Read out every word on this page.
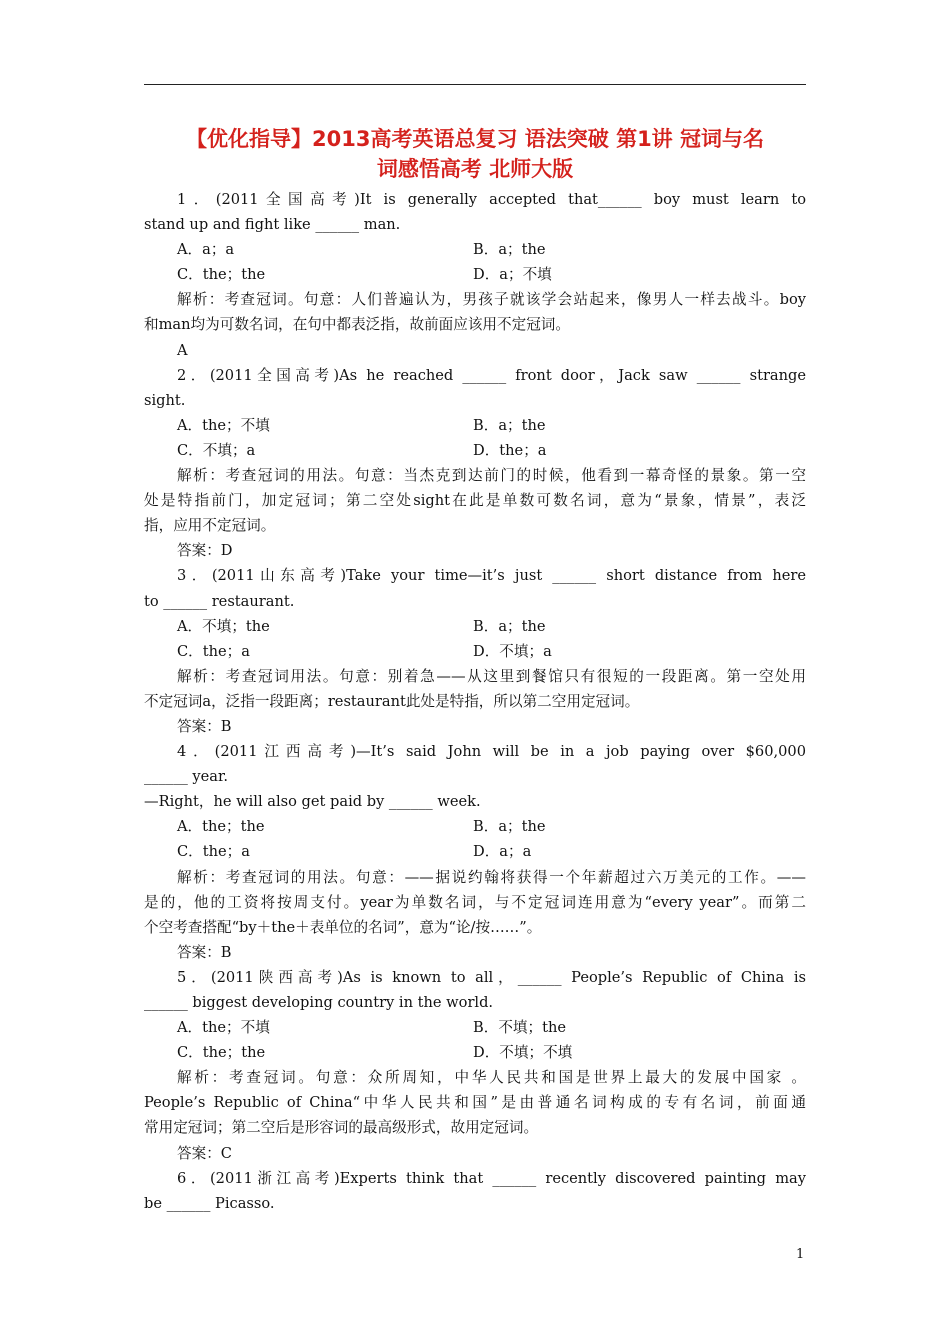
【优化指导】2013高考英语总复习 语法突破 第1讲 冠词与名
词感悟高考 北师大版
1．(2011全国高考)It is generally accepted that______ boy must learn to
stand up and fight like ______ man.
A．a；a	B．a；the
C．the；the	D．a；不填
解析：考查冠词。句意：人们普遍认为，男孩子就该学会站起来，像男人一样去战斗。boy
和man均为可数名词，在句中都表泛指，故前面应该用不定冠词。
A
2．(2011全国高考)As he reached ______ front door，Jack saw ______ strange
sight.
A．the；不填	B．a；the
C．不填；a	D．the；a
解析：考查冠词的用法。句意：当杰克到达前门的时候，他看到一幕奇怪的景象。第一空
处是特指前门，加定冠词；第二空处sight在此是单数可数名词，意为“景象，情景”，表泛
指，应用不定冠词。
答案：D
3．(2011山东高考)Take your time—it’s just ______ short distance from here
to ______ restaurant.
A．不填；the	B．a；the
C．the；a	D．不填；a
解析：考查冠词用法。句意：别着急——从这里到餐馆只有很短的一段距离。第一空处用
不定冠词a，泛指一段距离；restaurant此处是特指，所以第二空用定冠词。
答案：B
4．(2011江西高考)—It’s said John will be in a job paying over $60,000
______ year.
—Right，he will also get paid by ______ week.
A．the；the	B．a；the
C．the；a	D．a；a
解析：考查冠词的用法。句意：——据说约翰将获得一个年薪超过六万美元的工作。——
是的，他的工资将按周支付。year为单数名词，与不定冠词连用意为“every year”。而第二
个空考查搭配“by＋the＋表单位的名词”，意为“论/按……”。
答案：B
5．(2011陕西高考)As is known to all，______ People’s Republic of China is
______ biggest developing country in the world.
A．the；不填	B．不填；the
C．the；the	D．不填；不填
解析：考查冠词。句意：众所周知，中华人民共和国是世界上最大的发展中国家 。
People’s Republic of China“中华人民共和国”是由普通名词构成的专有名词，前面通
常用定冠词；第二空后是形容词的最高级形式，故用定冠词。
答案：C
6．(2011浙江高考)Experts think that ______ recently discovered painting may
be ______ Picasso.
1
